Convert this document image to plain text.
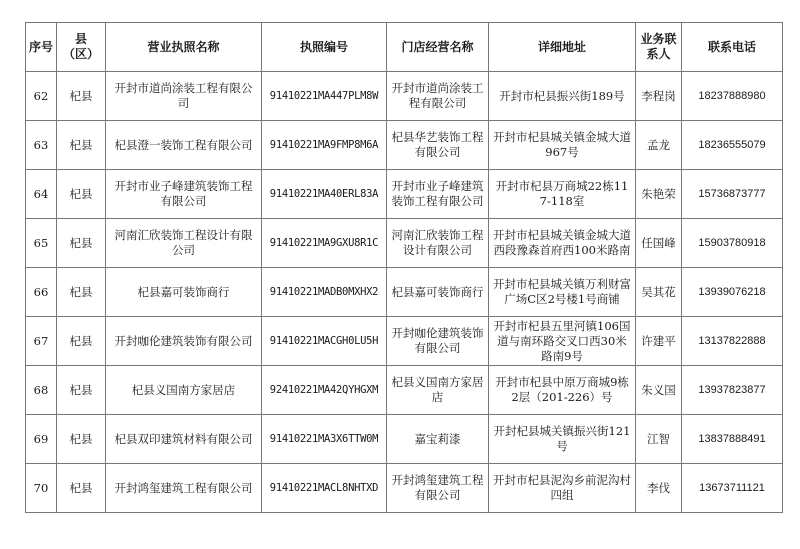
序号	县（区）	营业执照名称	执照编号	门店经营名称	详细地址	业务联系人	联系电话
62	杞县	开封市道尚涂装工程有限公司	91410221MA447PLM8W	开封市道尚涂装工程有限公司	开封市杞县振兴街189号	李程岗	18237888980
63	杞县	杞县澄一装饰工程有限公司	91410221MA9FMP8M6A	杞县华艺装饰工程有限公司	开封市杞县城关镇金城大道967号	孟龙	18236555079
64	杞县	开封市业子峰建筑装饰工程有限公司	91410221MA40ERL83A	开封市业子峰建筑装饰工程有限公司	开封市杞县万商城22栋117-118室	朱艳荣	15736873777
65	杞县	河南汇欣装饰工程设计有限公司	91410221MA9GXU8R1C	河南汇欣装饰工程设计有限公司	开封市杞县城关镇金城大道西段豫森首府西100米路南	任国峰	15903780918
66	杞县	杞县嘉可装饰商行	91410221MADB0MXHX2	杞县嘉可装饰商行	开封市杞县城关镇万利财富广场C区2号楼1号商铺	吴其花	13939076218
67	杞县	开封咖伦建筑装饰有限公司	91410221MACGH0LU5H	开封咖伦建筑装饰有限公司	开封市杞县五里河镇106国道与南环路交叉口西30米路南9号	许建平	13137822888
68	杞县	杞县义国南方家居店	92410221MA42QYHGXM	杞县义国南方家居店	开封市杞县中原万商城9栋2层（201-226）号	朱义国	13937823877
69	杞县	杞县双印建筑材料有限公司	91410221MA3X6TTW0M	嘉宝莉漆	开封杞县城关镇振兴街121号	江智	13837888491
70	杞县	开封鸿玺建筑工程有限公司	91410221MACL8NHTXD	开封鸿玺建筑工程有限公司	开封市杞县泥沟乡前泥沟村四组	李伐	13673711121
